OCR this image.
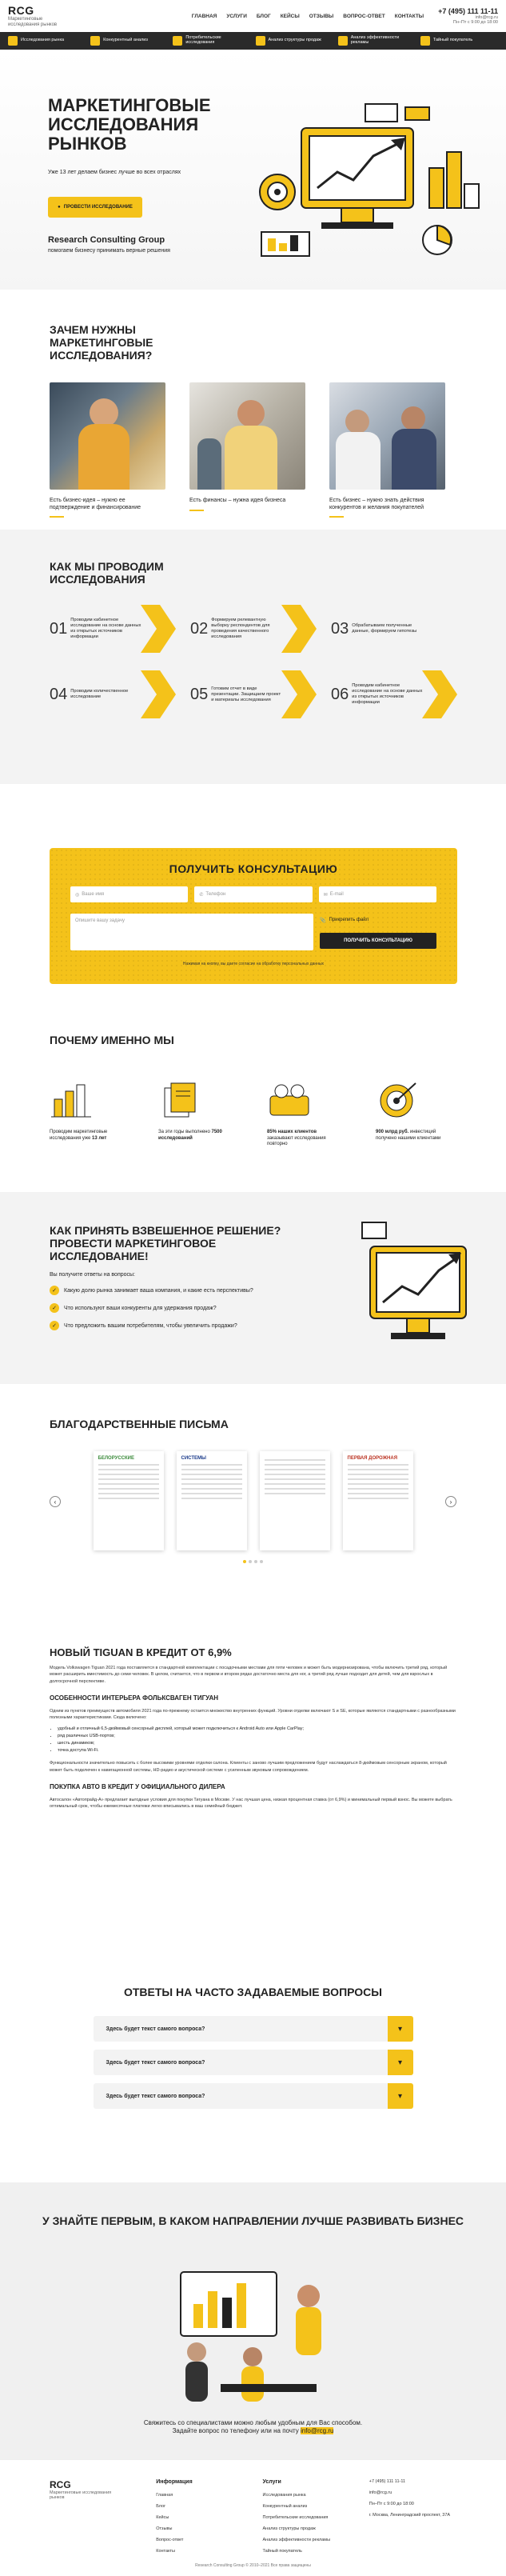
RCG
Маркетинговые исследования рынков
ГЛАВНАЯ УСЛУГИ БЛОГ КЕЙСЫ ОТЗЫВЫ ВОПРОС-ОТВЕТ КОНТАКТЫ
+7 (495) 111 11-11
info@rcg.ru
Пн–Пт с 9:00 до 18:00
Исследования рынка	Конкурентный анализ	Потребительские исследования	Анализ структуры продаж	Анализ эффективности рекламы	Тайный покупатель
МАРКЕТИНГОВЫЕ ИССЛЕДОВАНИЯ РЫНКОВ
Уже 13 лет делаем бизнес лучше во всех отраслях
● ПРОВЕСТИ ИССЛЕДОВАНИЕ
Research Consulting Group
помогаем бизнесу принимать верные решения
ЗАЧЕМ НУЖНЫ МАРКЕТИНГОВЫЕ ИССЛЕДОВАНИЯ?
Есть бизнес-идея – нужно ее подтверждение и финансирование
Есть финансы – нужна идея бизнеса	Есть бизнес – нужно знать действия конкурентов и желания покупателей
КАК МЫ ПРОВОДИМ ИССЛЕДОВАНИЯ
01 Проводим кабинетное исследование на основе данных из открытых источников информации	02 Формируем релевантную выборку респондентов для проведения качественного исследования	03 Обрабатываем полученные данные, формируем гипотезы
04 Проводим количественное исследование	05 Готовим отчет в виде презентации. Защищаем проект и материалы исследования	06 Проводим кабинетное исследование на основе данных из открытых источников информации
ПОЛУЧИТЬ КОНСУЛЬТАЦИЮ
◎ Ваше имя	✆ Телефон	✉ E-mail
Опишите вашу задачу	📎 Прикрепить файл
ПОЛУЧИТЬ КОНСУЛЬТАЦИЮ
Нажимая на кнопку, вы даете согласие на обработку персональных данных
ПОЧЕМУ ИМЕННО МЫ
Проводим маркетинговые исследования уже 13 лет
За эти годы выполнено 7500 исследований
85% наших клиентов заказывают исследования повторно
900 млрд руб. инвестиций получено нашими клиентами
КАК ПРИНЯТЬ ВЗВЕШЕННОЕ РЕШЕНИЕ? ПРОВЕСТИ МАРКЕТИНГОВОЕ ИССЛЕДОВАНИЕ!
Вы получите ответы на вопросы:
✓	Какую долю рынка занимает ваша компания, и какие есть перспективы?
✓	Что используют ваши конкуренты для удержания продаж?
✓	Что предложить вашим потребителям, чтобы увеличить продажи?
БЛАГОДАРСТВЕННЫЕ ПИСЬМА
‹
БЕЛОРУССКИЕ	СИСТЕМЫ	ПЕРВАЯ ДОРОЖНАЯ
›
НОВЫЙ TIGUAN В КРЕДИТ ОТ 6,9%

Модель Volkswagen Tiguan 2021 года поставляется в стандартной комплектации с посадочными местами для пяти человек и может быть модернизирована, чтобы включить третий ряд, который может расширить вместимость до семи человек. В целом, считается, что в первом и втором рядах достаточно места для ног, а третий ряд лучше подходит для детей, чем для взрослых в долгосрочной перспективе.

ОСОБЕННОСТИ ИНТЕРЬЕРА ФОЛЬКСВАГЕН ТИГУАН

Одним из пунктов преимуществ автомобиля 2021 года по-прежнему остается множество внутренних функций. Уровни отделки включают S и SE, которые являются стандартными с разнообразными полезными характеристиками. Сюда включено:

• удобный и отличный 6,5-дюймовый сенсорный дисплей, который может подключиться к Android Auto или Apple CarPlay;
• ряд различных USB-портов;
• шесть динамиков;
• точка доступа Wi-Fi.

Функциональности значительно повысить с более высокими уровнями отделки салона. Клиенты с заново лучшим предложением будут наслаждаться 8-дюймовым сенсорным экраном, который может быть подключен к навигационной системы, HD-радио и акустической системе с усиленным звуковым сопровождением.

ПОКУПКА АВТО В КРЕДИТ У ОФИЦИАЛЬНОГО ДИЛЕРА

Автосалон «Автопрайд-А» предлагает выгодные условия для покупки Тигуана в Москве. У нас лучшая цена, низкая процентная ставка (от 6,9%) и минимальный первый взнос. Вы можете выбрать оптимальный срок, чтобы ежемесячные платежи легко вписывались в ваш семейный бюджет.

ОТВЕТЫ НА ЧАСТО ЗАДАВАЕМЫЕ ВОПРОСЫ
Здесь будет текст самого вопроса?	▾
Здесь будет текст самого вопроса?	▾
Здесь будет текст самого вопроса?	▾
У ЗНАЙТЕ ПЕРВЫМ, В КАКОМ НАПРАВЛЕНИИ ЛУЧШЕ РАЗВИВАТЬ БИЗНЕС
Свяжитесь со специалистами можно любым удобным для Вас способом.
Задайте вопрос по телефону или на почту info@rcg.ru
RCG
Маркетинговые исследования рынков
Информация
Главная
Блог
Кейсы
Отзывы
Вопрос-ответ
Контакты
Услуги
Исследования рынка
Конкурентный анализ
Потребительские исследования
Анализ структуры продаж
Анализ эффективности рекламы
Тайный покупатель
+7 (495) 111 11-11
info@rcg.ru
Пн–Пт с 9:00 до 18:00
г. Москва, Ленинградский проспект, 37А
Research Consulting Group © 2010–2021 Все права защищены
